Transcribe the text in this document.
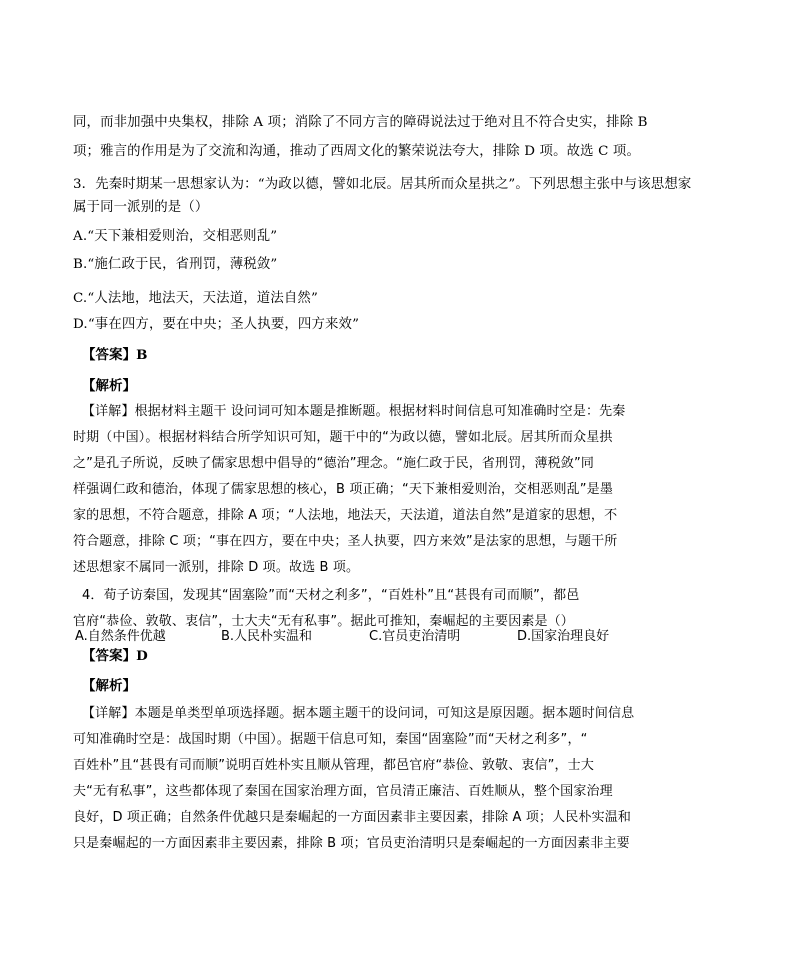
同，而非加强中央集权，排除 A 项；消除了不同方言的障碍说法过于绝对且不符合史实，排除 B
项；雅言的作用是为了交流和沟通，推动了西周文化的繁荣说法夸大，排除 D 项。故选 C 项。
3．先秦时期某一思想家认为：“为政以德，譬如北辰。居其所而众星拱之”。下列思想主张中与该思想家
属于同一派别的是（）
A.“天下兼相爱则治，交相恶则乱”
B.“施仁政于民，省刑罚，薄税敛”
C.“人法地，地法天，天法道，道法自然”
D.“事在四方，要在中央；圣人执要，四方来效”
【答案】B
【解析】
【详解】根据材料主题干 设问词可知本题是推断题。根据材料时间信息可知准确时空是：先秦
时期（中国）。根据材料结合所学知识可知，题干中的“为政以德，譬如北辰。居其所而众星拱
之”是孔子所说，反映了儒家思想中倡导的“德治”理念。“施仁政于民，省刑罚，薄税敛”同
样强调仁政和德治，体现了儒家思想的核心，B 项正确；“天下兼相爱则治，交相恶则乱”是墨
家的思想，不符合题意，排除 A 项；“人法地，地法天，天法道，道法自然”是道家的思想，不
符合题意，排除 C 项；“事在四方，要在中央；圣人执要，四方来效”是法家的思想，与题干所
述思想家不属同一派别，排除 D 项。故选 B 项。
4．荀子访秦国，发现其“固塞险”而“天材之利多”，“百姓朴”且“甚畏有司而顺”，都邑
官府“恭俭、敦敬、衷信”，士大夫“无有私事”。据此可推知，秦崛起的主要因素是（）
【答案】D
【解析】
【详解】本题是单类型单项选择题。据本题主题干的设问词，可知这是原因题。据本题时间信息
可知准确时空是：战国时期（中国）。据题干信息可知，秦国“固塞险”而“天材之利多”，“
百姓朴”且“甚畏有司而顺”说明百姓朴实且顺从管理，都邑官府“恭俭、敦敬、衷信”，士大
夫“无有私事”，这些都体现了秦国在国家治理方面，官员清正廉洁、百姓顺从，整个国家治理
良好，D 项正确；自然条件优越只是秦崛起的一方面因素非主要因素，排除 A 项；人民朴实温和
只是秦崛起的一方面因素非主要因素，排除 B 项；官员吏治清明只是秦崛起的一方面因素非主要
A.自然条件优越	B.人民朴实温和	C.官员吏治清明	D.国家治理良好
